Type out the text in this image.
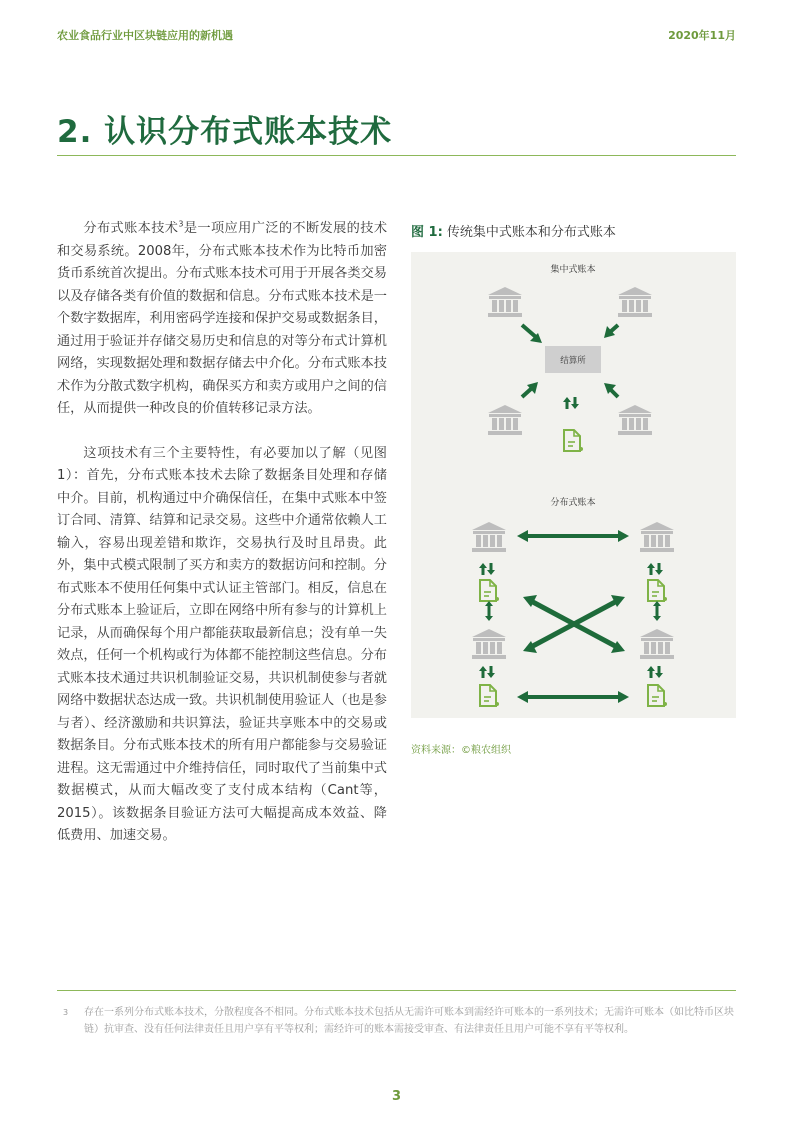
农业食品行业中区块链应用的新机遇	2020年11月
2. 认识分布式账本技术

分布式账本技术$^3$是一项应用广泛的不断发展的技术和交易系统。2008年，分布式账本技术作为比特币加密货币系统首次提出。分布式账本技术可用于开展各类交易以及存储各类有价值的数据和信息。分布式账本技术是一个数字数据库，利用密码学连接和保护交易或数据条目，通过用于验证并存储交易历史和信息的对等分布式计算机网络，实现数据处理和数据存储去中介化。分布式账本技术作为分散式数字机构，确保买方和卖方或用户之间的信任，从而提供一种改良的价值转移记录方法。

这项技术有三个主要特性，有必要加以了解（见图1）：首先，分布式账本技术去除了数据条目处理和存储中介。目前，机构通过中介确保信任，在集中式账本中签订合同、清算、结算和记录交易。这些中介通常依赖人工输入，容易出现差错和欺诈，交易执行及时且昂贵。此外，集中式模式限制了买方和卖方的数据访问和控制。分布式账本不使用任何集中式认证主管部门。相反，信息在分布式账本上验证后，立即在网络中所有参与的计算机上记录，从而确保每个用户都能获取最新信息；没有单一失效点，任何一个机构或行为体都不能控制这些信息。分布式账本技术通过共识机制验证交易，共识机制使参与者就网络中数据状态达成一致。共识机制使用验证人（也是参与者）、经济激励和共识算法，验证共享账本中的交易或数据条目。分布式账本技术的所有用户都能参与交易验证进程。这无需通过中介维持信任，同时取代了当前集中式数据模式，从而大幅改变了支付成本结构（Cant等，2015）。该数据条目验证方法可大幅提高成本效益、降低费用、加速交易。

图 1: 传统集中式账本和分布式账本
集中式账本
结算所
分布式账本
资料来源：©粮农组织
3 存在一系列分布式账本技术，分散程度各不相同。分布式账本技术包括从无需许可账本到需经许可账本的一系列技术；无需许可账本（如比特币区块链）抗审查、没有任何法律责任且用户享有平等权利；需经许可的账本需接受审查、有法律责任且用户可能不享有平等权利。
3
